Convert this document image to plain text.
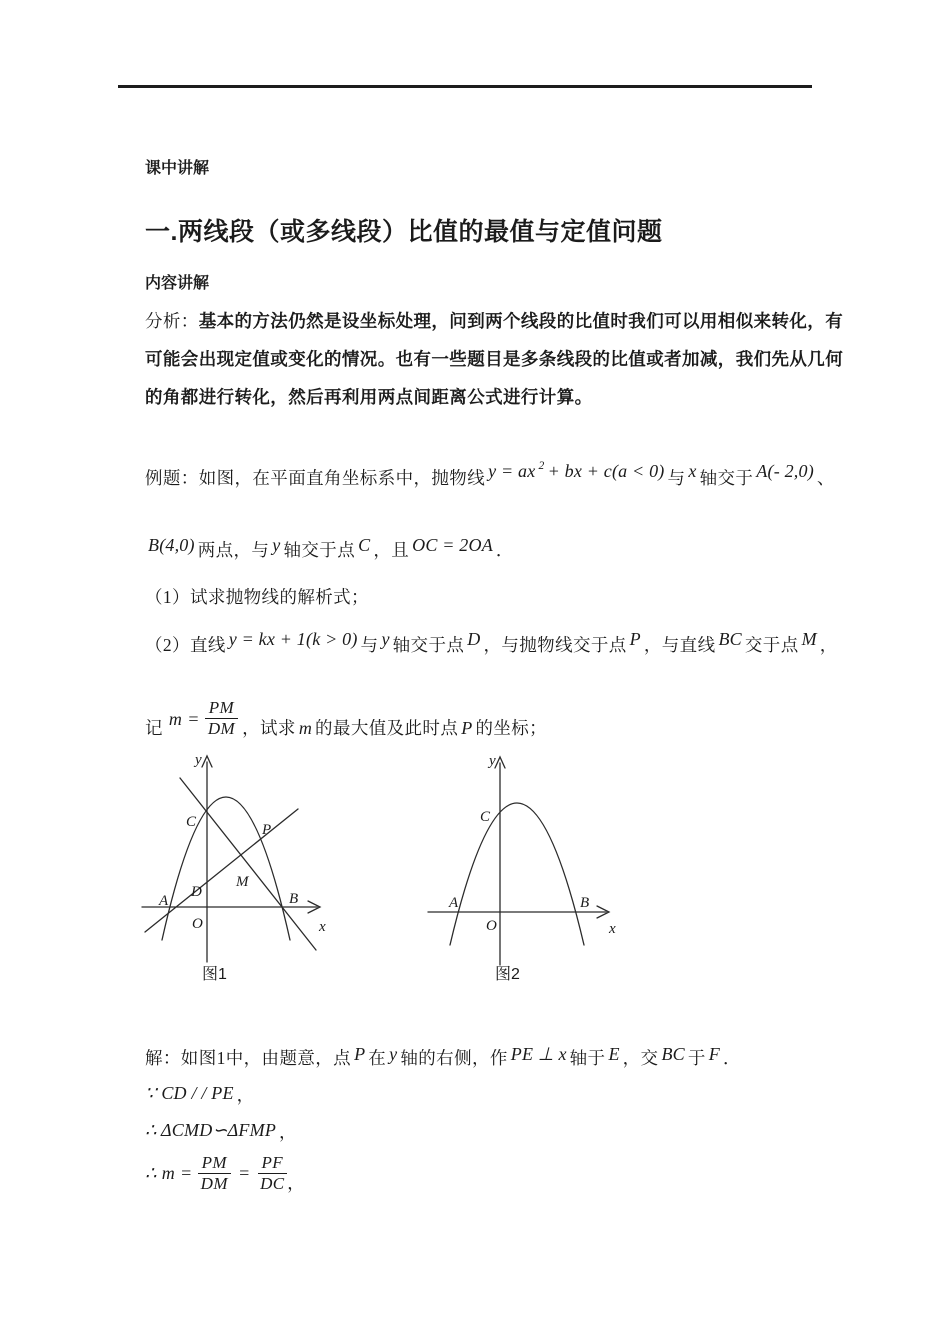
课中讲解
一.两线段（或多线段）比值的最值与定值问题
内容讲解
分析：基本的方法仍然是设坐标处理，问到两个线段的比值时我们可以用相似来转化，有
可能会出现定值或变化的情况。也有一些题目是多条线段的比值或者加减，我们先从几何
的角都进行转化，然后再利用两点间距离公式进行计算。
例题：如图，在平面直角坐标系中，抛物线 y = ax 2 + bx + c(a < 0) 与 x 轴交于 A(- 2,0) 、
B(4,0) 两点，与 y 轴交于点 C ，且 OC = 2OA ．
（1）试求抛物线的解析式；
（2）直线 y = kx + 1(k > 0) 与 y 轴交于点 D ，与抛物线交于点 P ，与直线 BC 交于点 M ，
记 $m = \frac{PM}{DM}$ ，试求 m 的最大值及此时点 P 的坐标；
y
x
O
A	B
C
D
M
P
图1
y
x
O
A	B
C
图2
解：如图1中，由题意，点 P 在 y 轴的右侧，作 PE ⊥ x 轴于 E ，交 BC 于 F ．
∵ CD / / PE ，
∴ ΔCMD∽ΔFMP ，
∴ $m = \frac{PM}{DM} = \frac{PF}{DC}$ ，
